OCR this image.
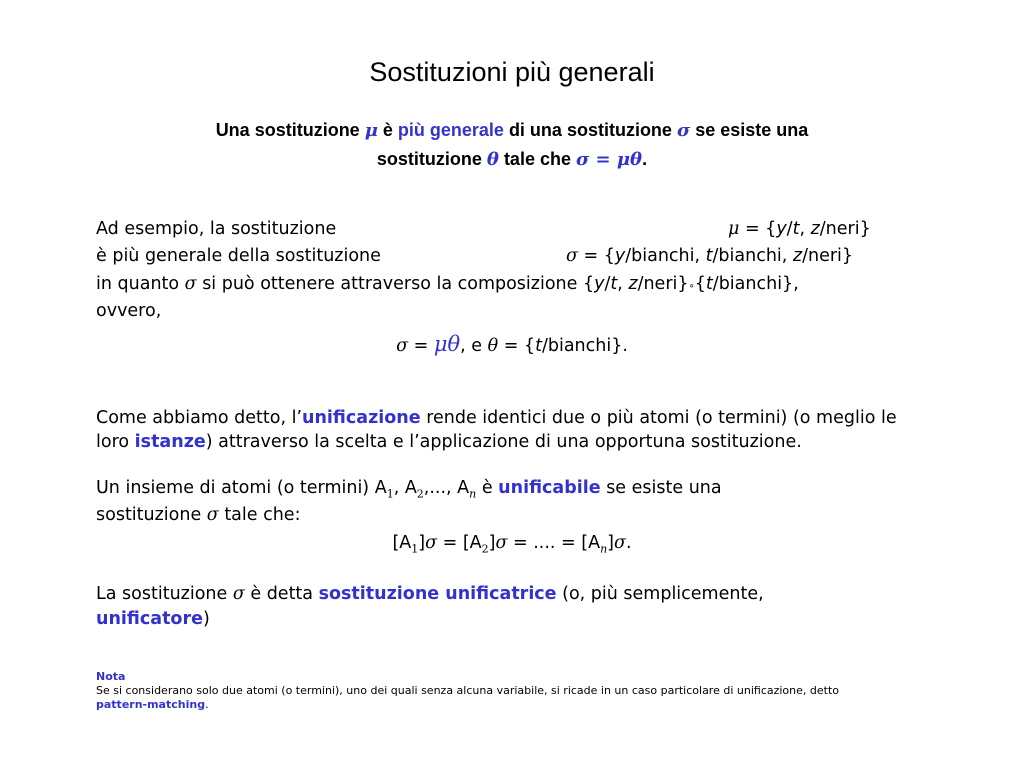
Sostituzioni più generali
Una sostituzione μ è più generale di una sostituzione σ se esiste una
sostituzione θ tale che σ = μθ.
Ad esempio, la sostituzione	μ = {y/t, z/neri}
è più generale della sostituzione	σ = {y/bianchi, t/bianchi, z/neri}
in quanto σ si può ottenere attraverso la composizione {y/t, z/neri}∘{t/bianchi},
ovvero,
σ = μθ, e θ = {t/bianchi}.
Come abbiamo detto, l’unificazione rende identici due o più atomi (o termini) (o meglio le loro istanze) attraverso la scelta e l’applicazione di una opportuna sostituzione.
Un insieme di atomi (o termini) $A_1$, $A_2$,..., $A_n$ è unificabile se esiste una
sostituzione σ tale che:
$[A_1]\sigma = [A_2]\sigma$ = .... = $[A_n]\sigma$.
La sostituzione σ è detta sostituzione unificatrice (o, più semplicemente,
unificatore)
Nota
Se si considerano solo due atomi (o termini), uno dei quali senza alcuna variabile, si ricade in un caso particolare di unificazione, detto
pattern-matching.
